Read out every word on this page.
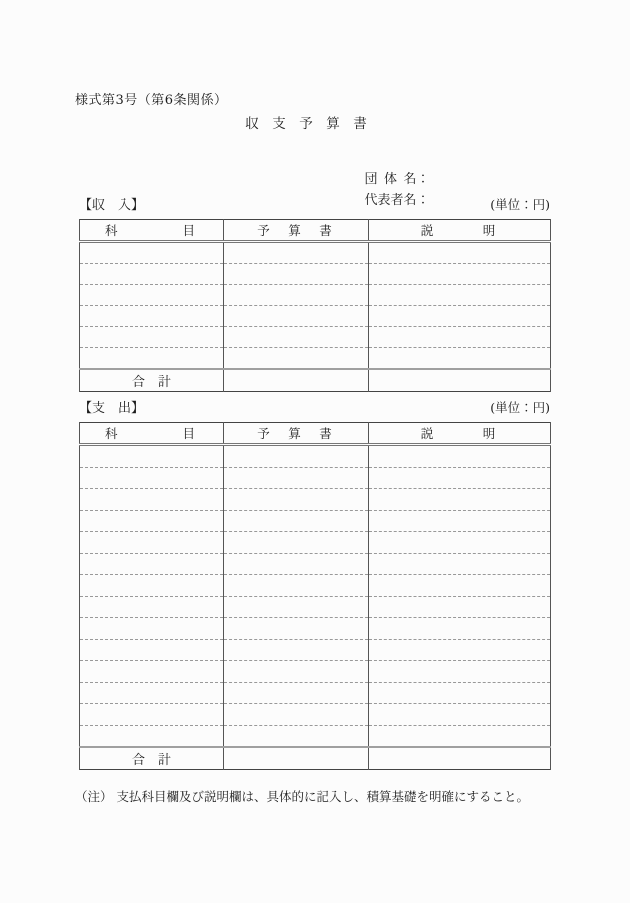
様式第3号（第6条関係）
収　支　予　算　書

団 体 名：

代表者名：

【収　入】	(単位：円)
科　　　　目	予　算　書	説　　　明

合　計		
【支　出】	(単位：円)
科　　　　目	予　算　書	説　　　明

合　計		
（注） 支払科目欄及び説明欄は、具体的に記入し、積算基礎を明確にすること。
